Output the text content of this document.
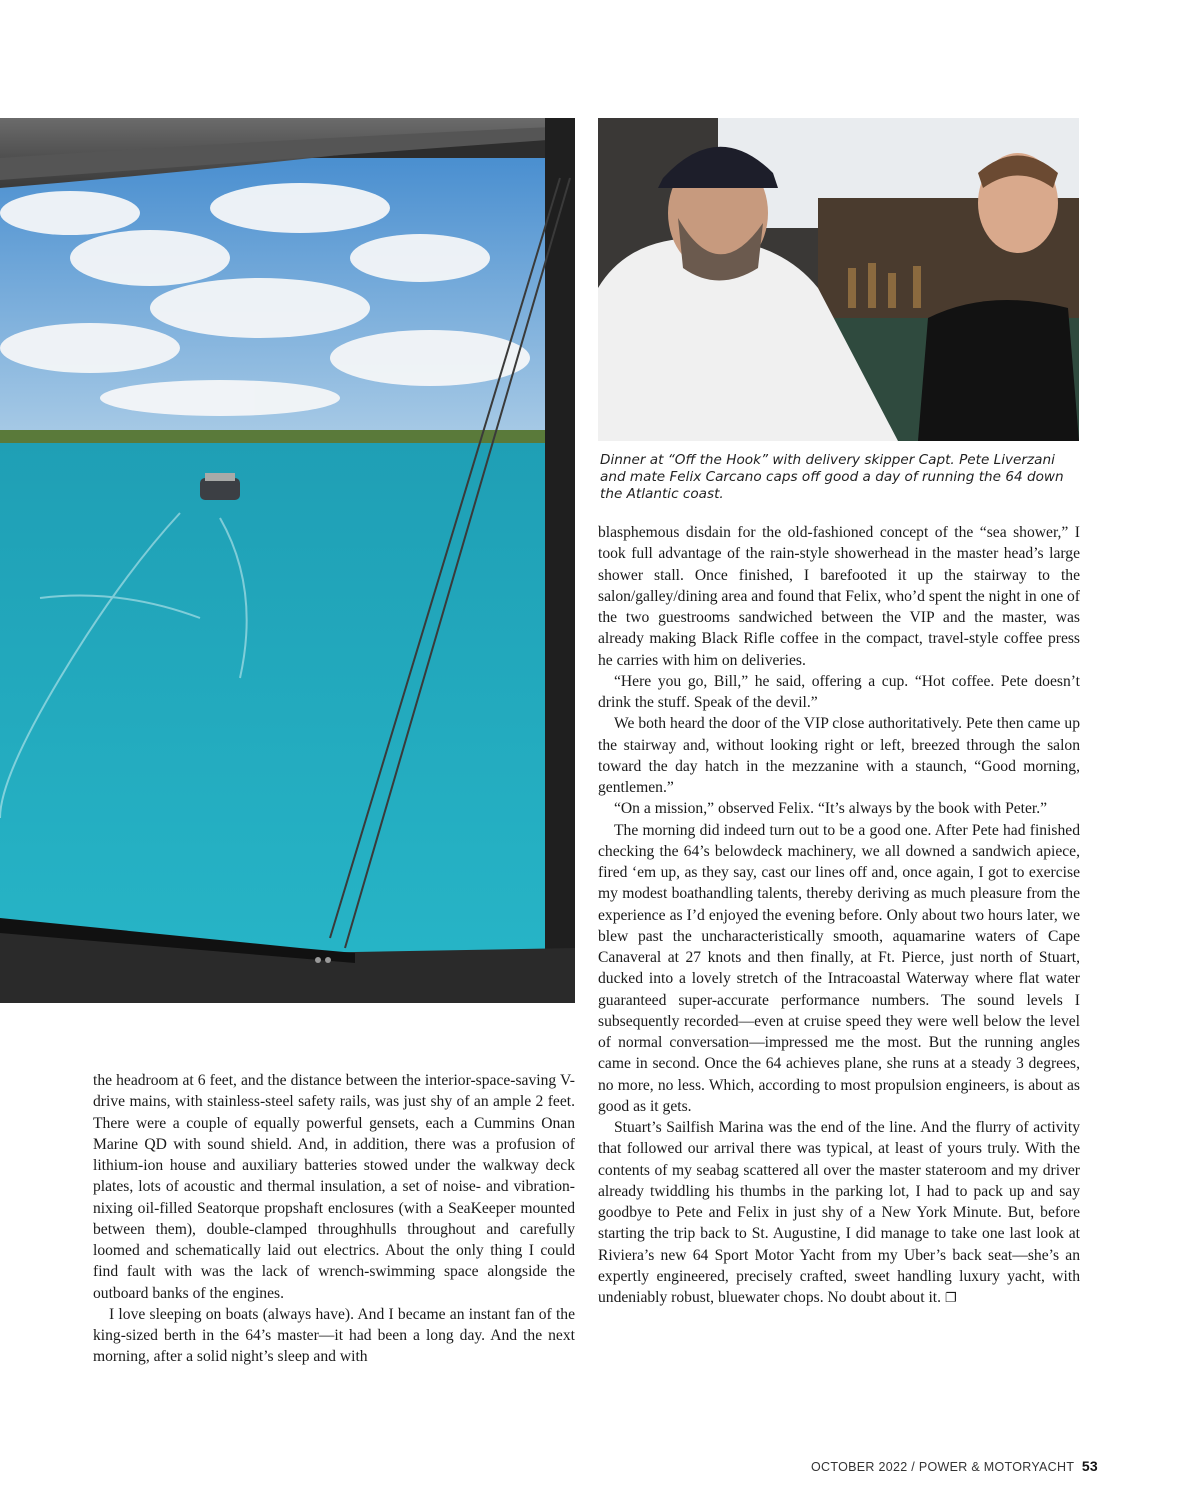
Dinner at “Off the Hook” with delivery skipper Capt. Pete Liverzani and mate Felix Carcano caps off good a day of running the 64 down the Atlantic coast.

the headroom at 6 feet, and the distance between the interior-space-saving V-drive mains, with stainless-steel safety rails, was just shy of an ample 2 feet. There were a couple of equally powerful gensets, each a Cummins Onan Marine QD with sound shield. And, in addition, there was a profusion of lithium-ion house and auxiliary batteries stowed under the walkway deck plates, lots of acoustic and thermal insulation, a set of noise- and vibration-nixing oil-filled Seatorque propshaft enclosures (with a SeaKeeper mounted between them), double-clamped throughhulls throughout and carefully loomed and schematically laid out electrics. About the only thing I could find fault with was the lack of wrench-swimming space alongside the outboard banks of the engines.

I love sleeping on boats (always have). And I became an instant fan of the king-sized berth in the 64’s master—it had been a long day. And the next morning, after a solid night’s sleep and with

blasphemous disdain for the old-fashioned concept of the “sea shower,” I took full advantage of the rain-style showerhead in the master head’s large shower stall. Once finished, I barefooted it up the stairway to the salon/galley/dining area and found that Felix, who’d spent the night in one of the two guestrooms sandwiched between the VIP and the master, was already making Black Rifle coffee in the compact, travel-style coffee press he carries with him on deliveries.

“Here you go, Bill,” he said, offering a cup. “Hot coffee. Pete doesn’t drink the stuff. Speak of the devil.”

We both heard the door of the VIP close authoritatively. Pete then came up the stairway and, without looking right or left, breezed through the salon toward the day hatch in the mezzanine with a staunch, “Good morning, gentlemen.”

“On a mission,” observed Felix. “It’s always by the book with Peter.”

The morning did indeed turn out to be a good one. After Pete had finished checking the 64’s belowdeck machinery, we all downed a sandwich apiece, fired ‘em up, as they say, cast our lines off and, once again, I got to exercise my modest boathandling talents, thereby deriving as much pleasure from the experience as I’d enjoyed the evening before. Only about two hours later, we blew past the uncharacteristically smooth, aquamarine waters of Cape Canaveral at 27 knots and then finally, at Ft. Pierce, just north of Stuart, ducked into a lovely stretch of the Intracoastal Waterway where flat water guaranteed super-accurate performance numbers. The sound levels I subsequently recorded—even at cruise speed they were well below the level of normal conversation—impressed me the most. But the running angles came in second. Once the 64 achieves plane, she runs at a steady 3 degrees, no more, no less. Which, according to most propulsion engineers, is about as good as it gets.

Stuart’s Sailfish Marina was the end of the line. And the flurry of activity that followed our arrival there was typical, at least of yours truly. With the contents of my seabag scattered all over the master stateroom and my driver already twiddling his thumbs in the parking lot, I had to pack up and say goodbye to Pete and Felix in just shy of a New York Minute. But, before starting the trip back to St. Augustine, I did manage to take one last look at Riviera’s new 64 Sport Motor Yacht from my Uber’s back seat—she’s an expertly engineered, precisely crafted, sweet handling luxury yacht, with undeniably robust, bluewater chops. No doubt about it. ❐

OCTOBER 2022 / POWER & MOTORYACHT 53
